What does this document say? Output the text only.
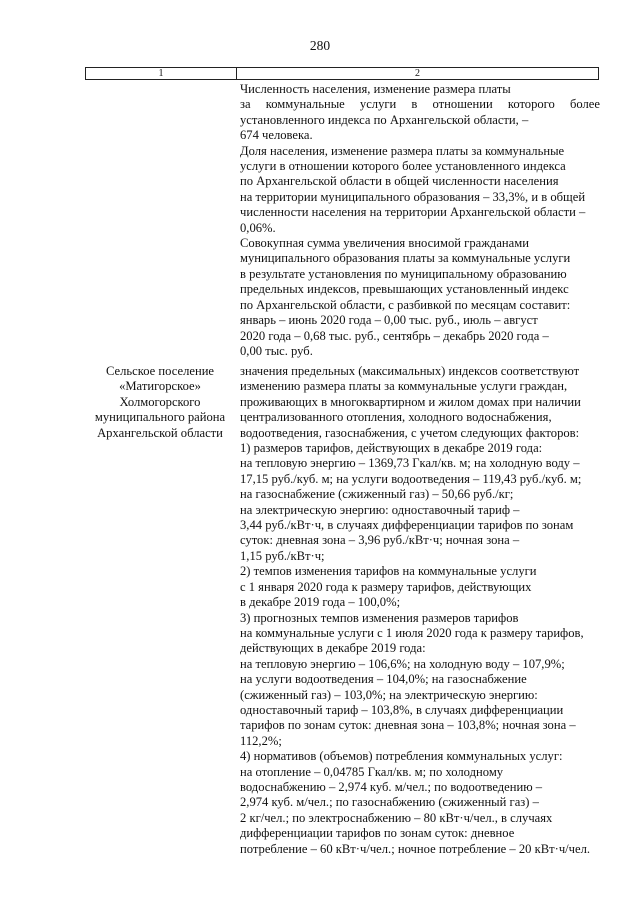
280
1	2

Численность населения, изменение размера платы

за коммунальные услуги в отношении которого более

установленного индекса по Архангельской области, –

674 человека.

Доля населения, изменение размера платы за коммунальные

услуги в отношении которого более установленного индекса

по Архангельской области в общей численности населения

на территории муниципального образования – 33,3%, и в общей

численности населения на территории Архангельской области –

0,06%.

Совокупная сумма увеличения вносимой гражданами

муниципального образования платы за коммунальные услуги

в результате установления по муниципальному образованию

предельных индексов, превышающих установленный индекс

по Архангельской области, с разбивкой по месяцам составит:

январь – июнь 2020 года – 0,00 тыс. руб., июль – август

2020 года – 0,68 тыс. руб., сентябрь – декабрь 2020 года –

0,00 тыс. руб.

Сельское поселение
«Матигорское»
Холмогорского
муниципального района
Архангельской области

значения предельных (максимальных) индексов соответствуют

изменению размера платы за коммунальные услуги граждан,

проживающих в многоквартирном и жилом домах при наличии

централизованного отопления, холодного водоснабжения,

водоотведения, газоснабжения, с учетом следующих факторов:

1) размеров тарифов, действующих в декабре 2019 года:

на тепловую энергию – 1369,73 Гкал/кв. м; на холодную воду –

17,15 руб./куб. м; на услуги водоотведения – 119,43 руб./куб. м;

на газоснабжение (сжиженный газ) – 50,66 руб./кг;

на электрическую энергию: одноставочный тариф –

3,44 руб./кВт·ч, в случаях дифференциации тарифов по зонам

суток: дневная зона – 3,96 руб./кВт·ч; ночная зона –

1,15 руб./кВт·ч;

2) темпов изменения тарифов на коммунальные услуги

с 1 января 2020 года к размеру тарифов, действующих

в декабре 2019 года – 100,0%;

3) прогнозных темпов изменения размеров тарифов

на коммунальные услуги с 1 июля 2020 года к размеру тарифов,

действующих в декабре 2019 года:

на тепловую энергию – 106,6%; на холодную воду – 107,9%;

на услуги водоотведения – 104,0%; на газоснабжение

(сжиженный газ) – 103,0%; на электрическую энергию:

одноставочный тариф – 103,8%, в случаях дифференциации

тарифов по зонам суток: дневная зона – 103,8%; ночная зона –

112,2%;

4) нормативов (объемов) потребления коммунальных услуг:

на отопление – 0,04785 Гкал/кв. м; по холодному

водоснабжению – 2,974 куб. м/чел.; по водоотведению –

2,974 куб. м/чел.; по газоснабжению (сжиженный газ) –

2 кг/чел.; по электроснабжению – 80 кВт·ч/чел., в случаях

дифференциации тарифов по зонам суток: дневное

потребление – 60 кВт·ч/чел.; ночное потребление – 20 кВт·ч/чел.
